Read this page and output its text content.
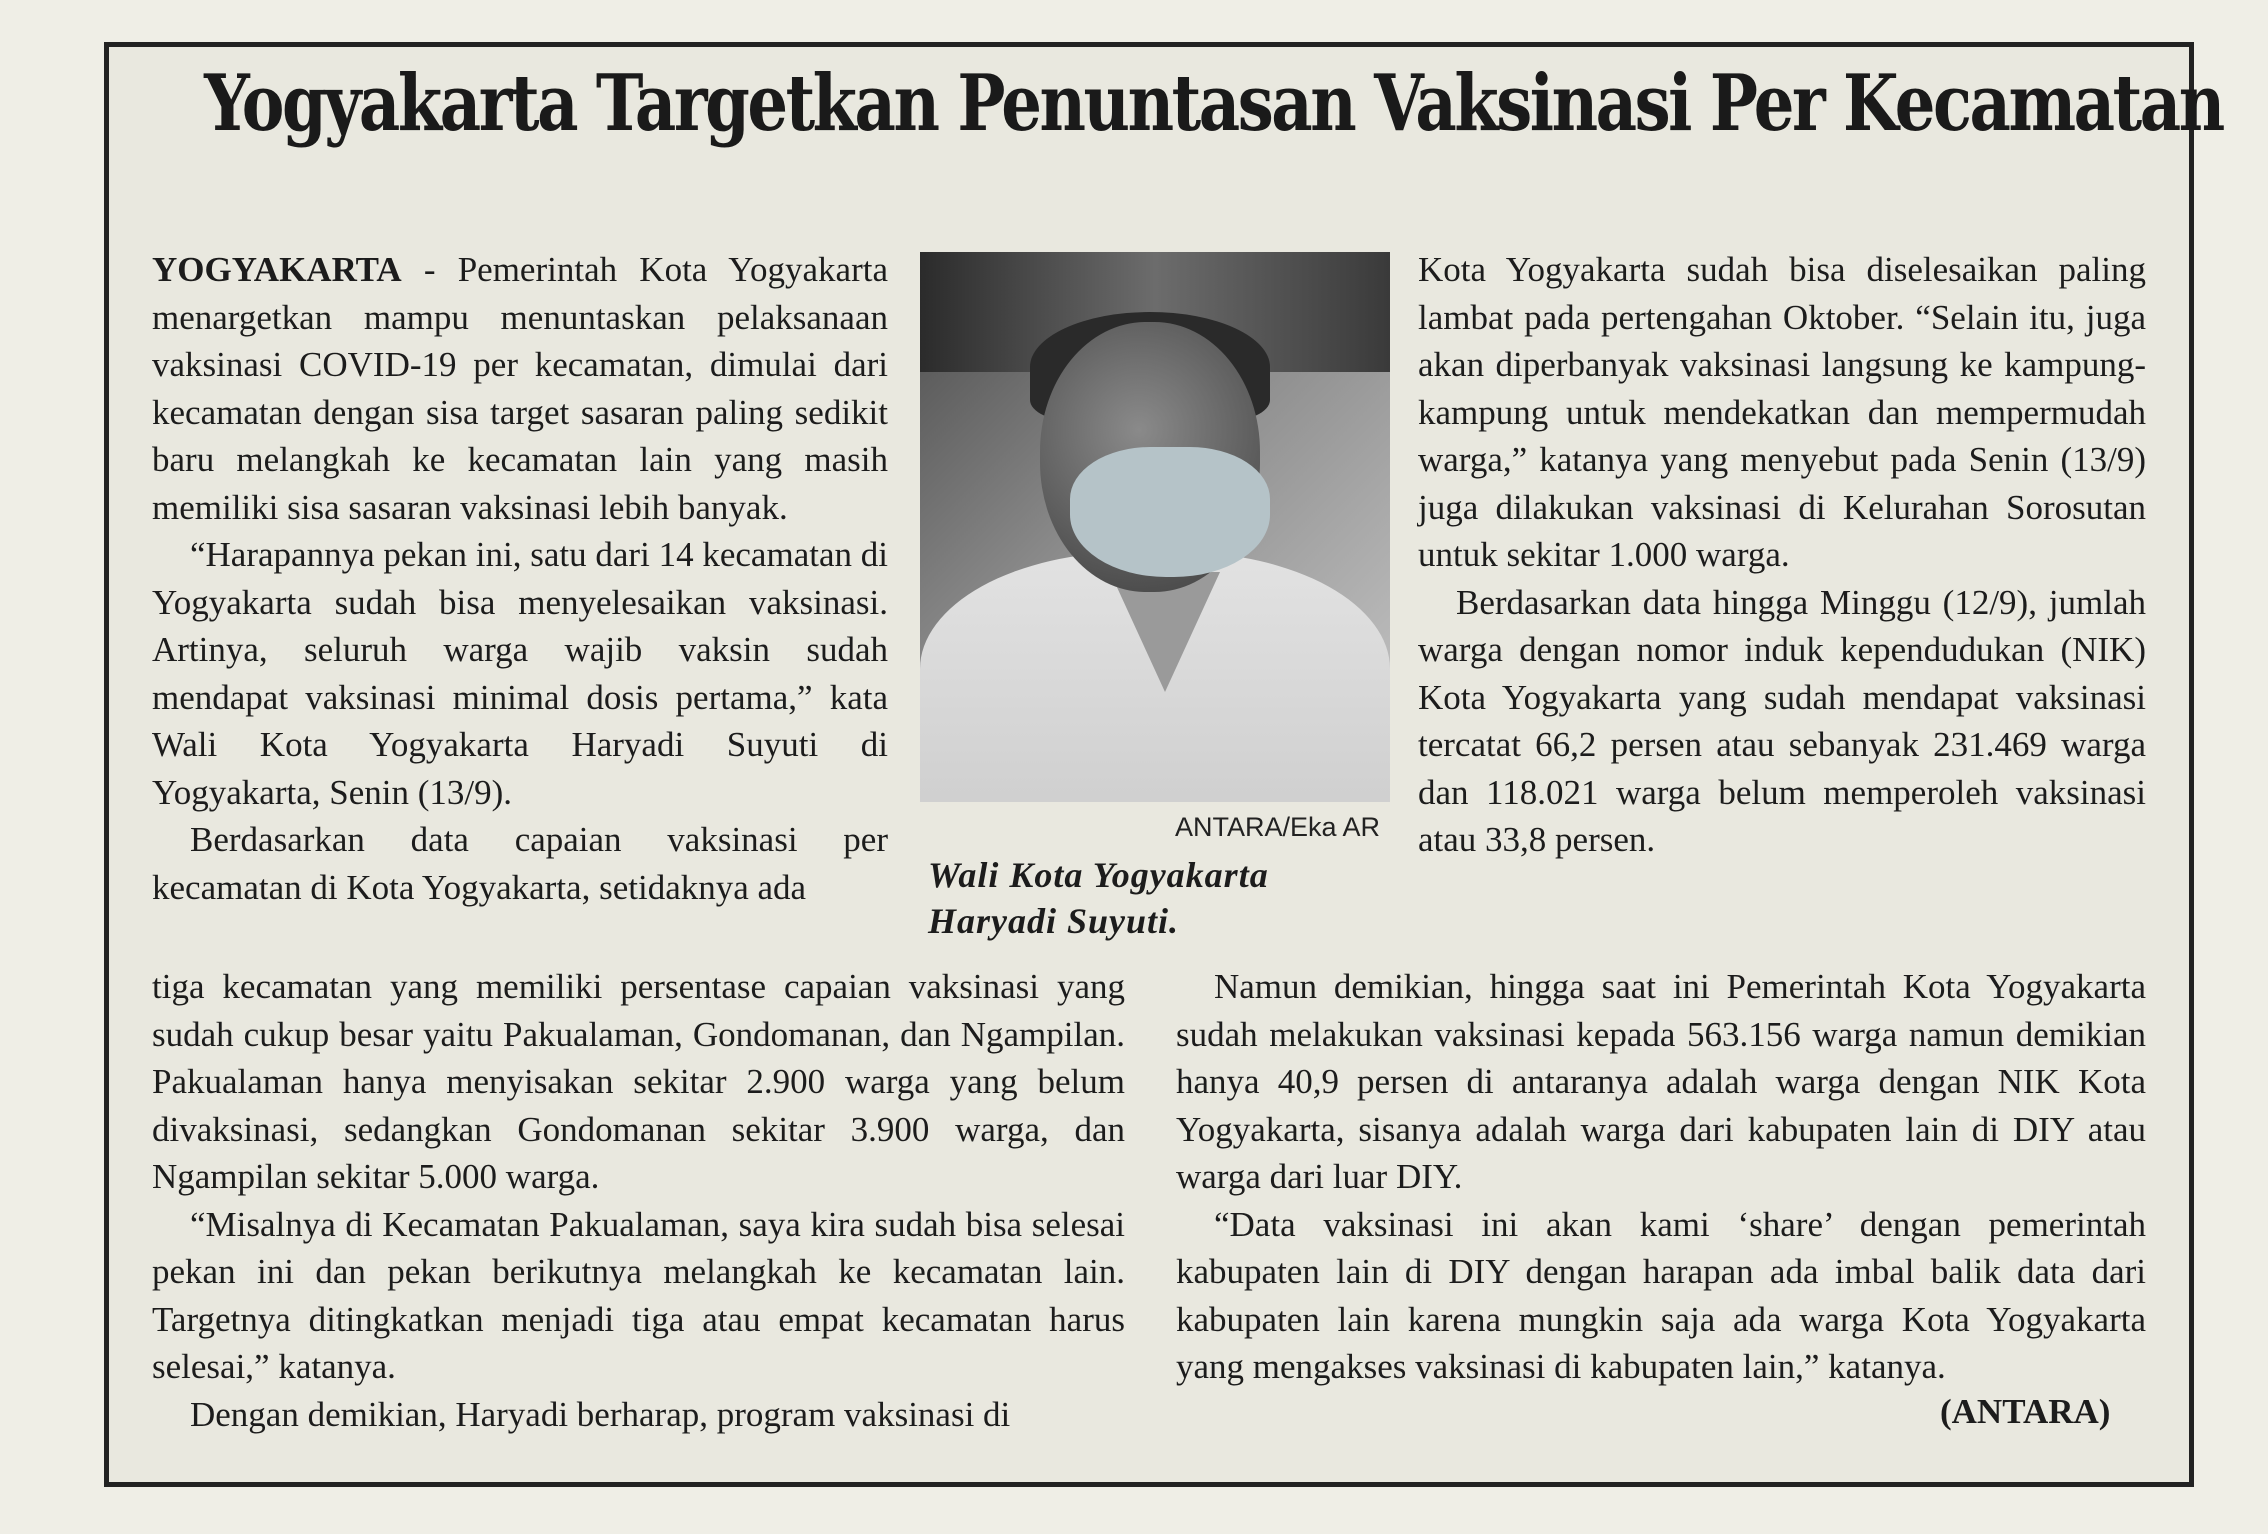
Yogyakarta Targetkan Penuntasan Vaksinasi Per Kecamatan

YOGYAKARTA - Pemerintah Kota Yogyakarta menargetkan mampu menuntaskan pelaksanaan vaksinasi COVID-19 per kecamatan, dimulai dari kecamatan dengan sisa target sasaran paling sedikit baru melangkah ke kecamatan lain yang masih memiliki sisa sasaran vaksinasi lebih banyak.

“Harapannya pekan ini, satu dari 14 kecamatan di Yogyakarta sudah bisa menyelesaikan vaksinasi. Artinya, seluruh warga wajib vaksin sudah mendapat vaksinasi minimal dosis pertama,” kata Wali Kota Yogyakarta Haryadi Suyuti di Yogyakarta, Senin (13/9).

Berdasarkan data capaian vaksinasi per kecamatan di Kota Yogyakarta, setidaknya ada

tiga kecamatan yang memiliki persentase capaian vaksinasi yang sudah cukup besar yaitu Pakualaman, Gondomanan, dan Ngampilan. Pakualaman hanya menyisakan sekitar 2.900 warga yang belum divaksinasi, sedangkan Gondomanan sekitar 3.900 warga, dan Ngampilan sekitar 5.000 warga.

“Misalnya di Kecamatan Pakualaman, saya kira sudah bisa selesai pekan ini dan pekan berikutnya melangkah ke kecamatan lain. Targetnya ditingkatkan menjadi tiga atau empat kecamatan harus selesai,” katanya.

Dengan demikian, Haryadi berharap, program vaksinasi di

ANTARA/Eka AR
Wali Kota Yogyakarta Haryadi Suyuti.

Kota Yogyakarta sudah bisa diselesaikan paling lambat pada pertengahan Oktober. “Selain itu, juga akan diperbanyak vaksinasi langsung ke kampung-kampung untuk mendekatkan dan mempermudah warga,” katanya yang menyebut pada Senin (13/9) juga dilakukan vaksinasi di Kelurahan Sorosutan untuk sekitar 1.000 warga.

Berdasarkan data hingga Minggu (12/9), jumlah warga dengan nomor induk kependudukan (NIK) Kota Yogyakarta yang sudah mendapat vaksinasi tercatat 66,2 persen atau sebanyak 231.469 warga dan 118.021 warga belum memperoleh vaksinasi atau 33,8 persen.

Namun demikian, hingga saat ini Pemerintah Kota Yogyakarta sudah melakukan vaksinasi kepada 563.156 warga namun demikian hanya 40,9 persen di antaranya adalah warga dengan NIK Kota Yogyakarta, sisanya adalah warga dari kabupaten lain di DIY atau warga dari luar DIY.

“Data vaksinasi ini akan kami ‘share’ dengan pemerintah kabupaten lain di DIY dengan harapan ada imbal balik data dari kabupaten lain karena mungkin saja ada warga Kota Yogyakarta yang mengakses vaksinasi di kabupaten lain,” katanya.

(ANTARA)
